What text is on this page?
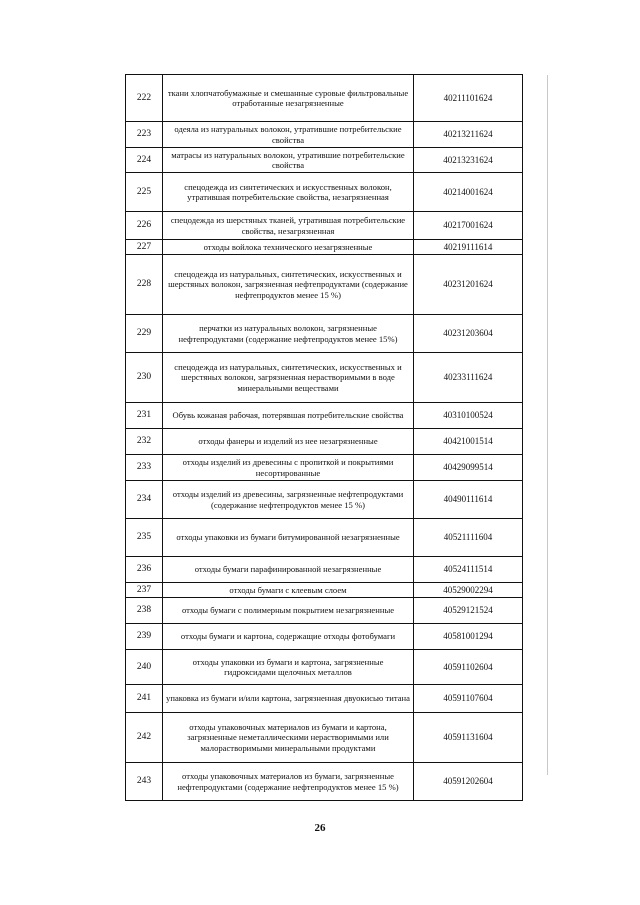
222	ткани хлопчатобумажные и смешанные суровые фильтровальные отработанные незагрязненные	40211101624
223	одеяла из натуральных волокон, утратившие потребительские свойства	40213211624
224	матрасы из натуральных волокон, утратившие потребительские свойства	40213231624
225	спецодежда из синтетических и искусственных волокон, утратившая потребительские свойства, незагрязненная	40214001624
226	спецодежда из шерстяных тканей, утратившая потребительские свойства, незагрязненная	40217001624
227	отходы войлока технического незагрязненные	40219111614
228	спецодежда из натуральных, синтетических, искусственных и шерстяных волокон, загрязненная нефтепродуктами (содержание нефтепродуктов менее 15 %)	40231201624
229	перчатки из натуральных волокон, загрязненные нефтепродуктами (содержание нефтепродуктов менее 15%)	40231203604
230	спецодежда из натуральных, синтетических, искусственных и шерстяных волокон, загрязненная нерастворимыми в воде минеральными веществами	40233111624
231	Обувь кожаная рабочая, потерявшая потребительские свойства	40310100524
232	отходы фанеры и изделий из нее незагрязненные	40421001514
233	отходы изделий из древесины с пропиткой и покрытиями несортированные	40429099514
234	отходы изделий из древесины, загрязненные нефтепродуктами (содержание нефтепродуктов менее 15 %)	40490111614
235	отходы упаковки из бумаги битумированной незагрязненные	40521111604
236	отходы бумаги парафинированной незагрязненные	40524111514
237	отходы бумаги с клеевым слоем	40529002294
238	отходы бумаги с полимерным покрытием незагрязненные	40529121524
239	отходы бумаги и картона, содержащие отходы фотобумаги	40581001294
240	отходы упаковки из бумаги и картона, загрязненные гидроксидами щелочных металлов	40591102604
241	упаковка из бумаги и/или картона, загрязненная двуокисью титана	40591107604
242	отходы упаковочных материалов из бумаги и картона, загрязненные неметаллическими нерастворимыми или малорастворимыми минеральными продуктами	40591131604
243	отходы упаковочных материалов из бумаги, загрязненные нефтепродуктами (содержание нефтепродуктов менее 15 %)	40591202604
26
